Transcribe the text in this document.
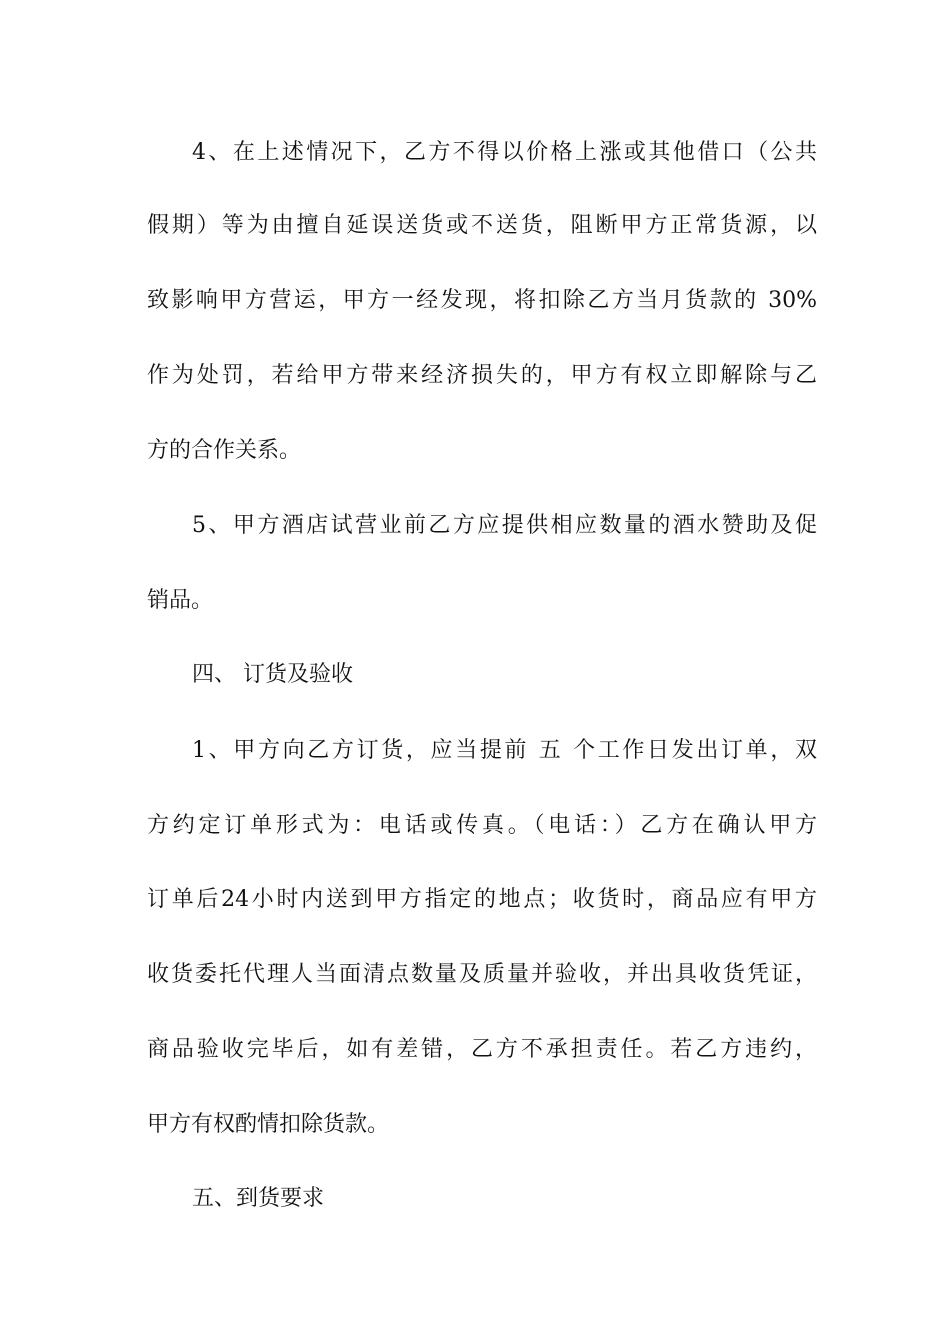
4、在上述情况下，乙方不得以价格上涨或其他借口（公共
假期）等为由擅自延误送货或不送货，阻断甲方正常货源，以
致影响甲方营运，甲方一经发现，将扣除乙方当月货款的 30%
作为处罚，若给甲方带来经济损失的，甲方有权立即解除与乙
方的合作关系。
5、甲方酒店试营业前乙方应提供相应数量的酒水赞助及促
销品。
四、 订货及验收
1、甲方向乙方订货，应当提前 五 个工作日发出订单，双
方约定订单形式为：电话或传真。（电话：）乙方在确认甲方
订单后24小时内送到甲方指定的地点；收货时，商品应有甲方
收货委托代理人当面清点数量及质量并验收，并出具收货凭证，
商品验收完毕后，如有差错，乙方不承担责任。若乙方违约，
甲方有权酌情扣除货款。
五、到货要求
